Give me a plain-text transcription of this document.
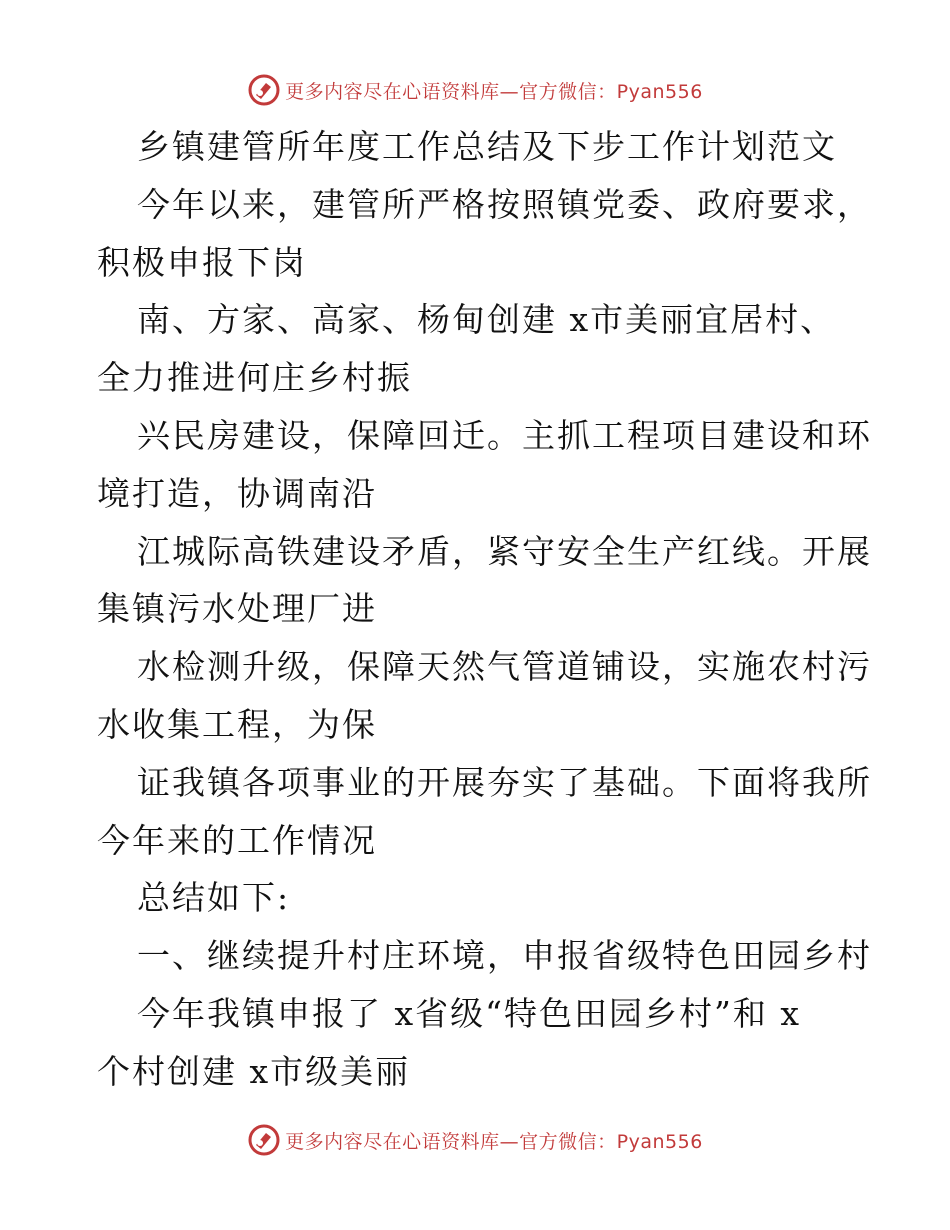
更多内容尽在心语资料库—官方微信：Pyan556
乡镇建管所年度工作总结及下步工作计划范文
今年以来，建管所严格按照镇党委、政府要求，
积极申报下岗
南、方家、高家、杨甸创建 x市美丽宜居村、
全力推进何庄乡村振
兴民房建设，保障回迁。主抓工程项目建设和环
境打造，协调南沿
江城际高铁建设矛盾，紧守安全生产红线。开展
集镇污水处理厂进
水检测升级，保障天然气管道铺设，实施农村污
水收集工程，为保
证我镇各项事业的开展夯实了基础。下面将我所
今年来的工作情况
总结如下:
一、继续提升村庄环境，申报省级特色田园乡村
今年我镇申报了 x省级“特色田园乡村”和 x
个村创建 x市级美丽
更多内容尽在心语资料库—官方微信：Pyan556
